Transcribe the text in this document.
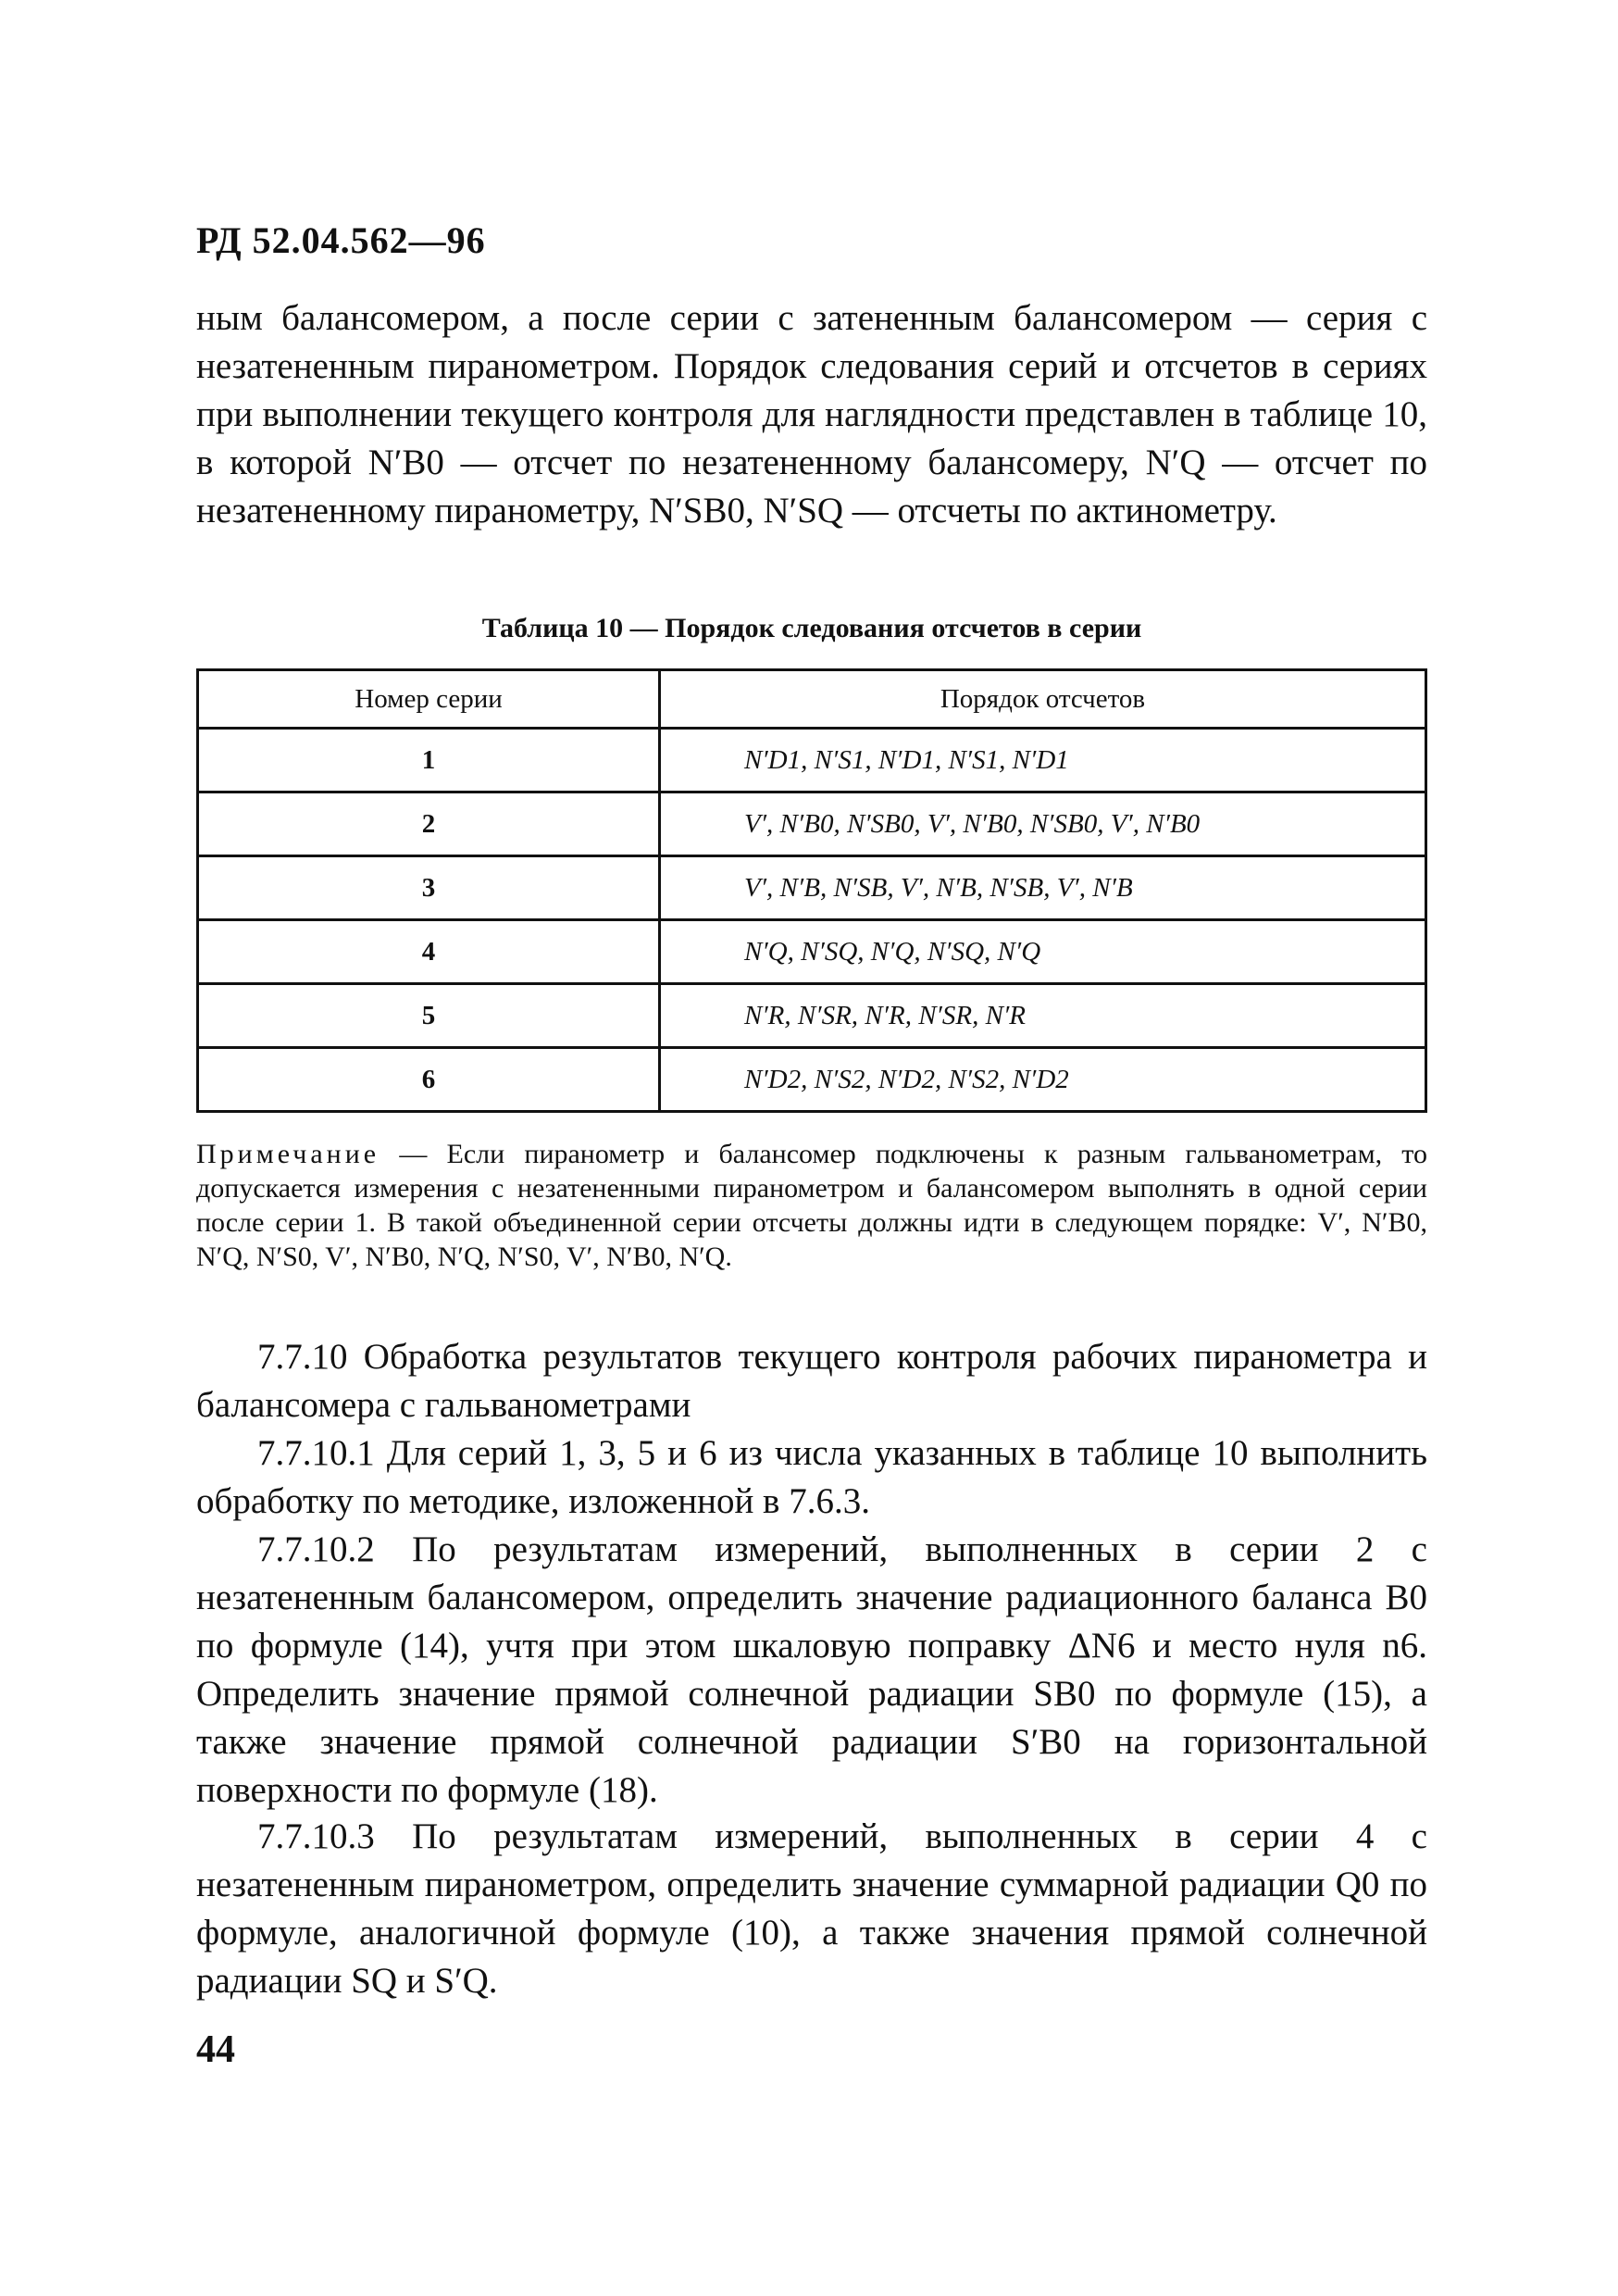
РД 52.04.562—96

ным балансомером, а после серии с затененным балансомером — серия с незатененным пиранометром. Порядок следования серий и отсчетов в сериях при выполнении текущего контроля для наглядности представлен в таблице 10, в которой N′B0 — отсчет по незатененному балансомеру, N′Q — отсчет по незатененному пиранометру, N′SB0, N′SQ — отсчеты по актинометру.

Таблица 10 — Порядок следования отсчетов в серии
Номер серии	Порядок отсчетов
1	N′D1, N′S1, N′D1, N′S1, N′D1
2	V′, N′B0, N′SB0, V′, N′B0, N′SB0, V′, N′B0
3	V′, N′B, N′SB, V′, N′B, N′SB, V′, N′B
4	N′Q, N′SQ, N′Q, N′SQ, N′Q
5	N′R, N′SR, N′R, N′SR, N′R
6	N′D2, N′S2, N′D2, N′S2, N′D2

Примечание — Если пиранометр и балансомер подключены к разным гальванометрам, то допускается измерения с незатененными пиранометром и балансомером выполнять в одной серии после серии 1. В такой объединенной серии отсчеты должны идти в следующем порядке: V′, N′B0, N′Q, N′S0, V′, N′B0, N′Q, N′S0, V′, N′B0, N′Q.

7.7.10 Обработка результатов текущего контроля рабочих пиранометра и балансомера с гальванометрами

7.7.10.1 Для серий 1, 3, 5 и 6 из числа указанных в таблице 10 выполнить обработку по методике, изложенной в 7.6.3.

7.7.10.2 По результатам измерений, выполненных в серии 2 с незатененным балансомером, определить значение радиационного баланса B0 по формуле (14), учтя при этом шкаловую поправку ΔN6 и место нуля n6. Определить значение прямой солнечной радиации SB0 по формуле (15), а также значение прямой солнечной радиации S′B0 на горизонтальной поверхности по формуле (18).

7.7.10.3 По результатам измерений, выполненных в серии 4 с незатененным пиранометром, определить значение суммарной радиации Q0 по формуле, аналогичной формуле (10), а также значения прямой солнечной радиации SQ и S′Q.

44
